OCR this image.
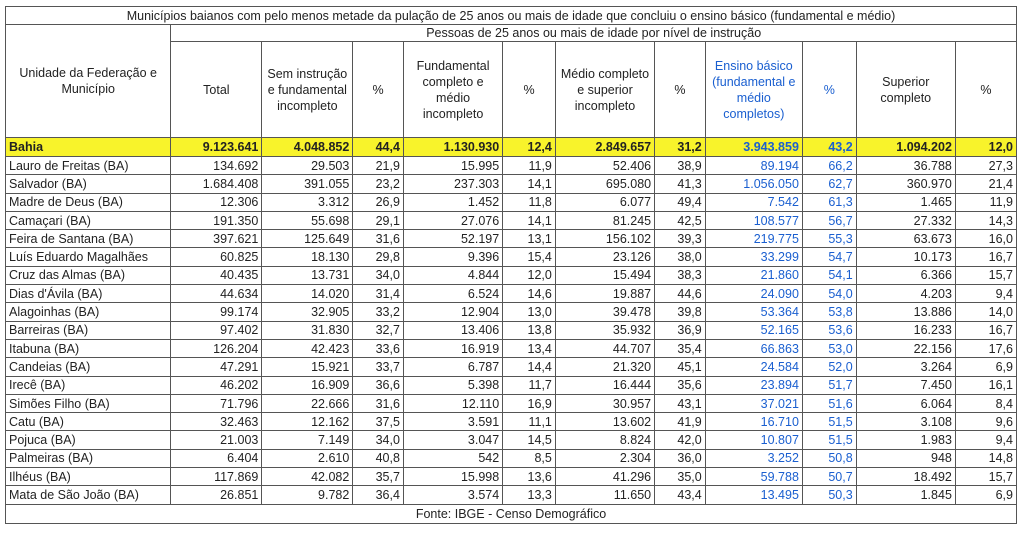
Municípios baianos com pelo menos metade da pulação de 25 anos ou mais de idade que concluiu o ensino básico (fundamental e médio)											
Unidade da Federação e Município	Pessoas de 25 anos ou mais de idade por nível de instrução										
	Total	Sem instrução e fundamental incompleto	%	Fundamental completo e médio incompleto	%	Médio completo e superior incompleto	%	Ensino básico (fundamental e médio completos)	%	Superior completo	%
Bahia	9.123.641	4.048.852	44,4	1.130.930	12,4	2.849.657	31,2	3.943.859	43,2	1.094.202	12,0
Lauro de Freitas (BA)	134.692	29.503	21,9	15.995	11,9	52.406	38,9	89.194	66,2	36.788	27,3
Salvador (BA)	1.684.408	391.055	23,2	237.303	14,1	695.080	41,3	1.056.050	62,7	360.970	21,4
Madre de Deus (BA)	12.306	3.312	26,9	1.452	11,8	6.077	49,4	7.542	61,3	1.465	11,9
Camaçari (BA)	191.350	55.698	29,1	27.076	14,1	81.245	42,5	108.577	56,7	27.332	14,3
Feira de Santana (BA)	397.621	125.649	31,6	52.197	13,1	156.102	39,3	219.775	55,3	63.673	16,0
Luís Eduardo Magalhães	60.825	18.130	29,8	9.396	15,4	23.126	38,0	33.299	54,7	10.173	16,7
Cruz das Almas (BA)	40.435	13.731	34,0	4.844	12,0	15.494	38,3	21.860	54,1	6.366	15,7
Dias d'Ávila (BA)	44.634	14.020	31,4	6.524	14,6	19.887	44,6	24.090	54,0	4.203	9,4
Alagoinhas (BA)	99.174	32.905	33,2	12.904	13,0	39.478	39,8	53.364	53,8	13.886	14,0
Barreiras (BA)	97.402	31.830	32,7	13.406	13,8	35.932	36,9	52.165	53,6	16.233	16,7
Itabuna (BA)	126.204	42.423	33,6	16.919	13,4	44.707	35,4	66.863	53,0	22.156	17,6
Candeias (BA)	47.291	15.921	33,7	6.787	14,4	21.320	45,1	24.584	52,0	3.264	6,9
Irecê (BA)	46.202	16.909	36,6	5.398	11,7	16.444	35,6	23.894	51,7	7.450	16,1
Simões Filho (BA)	71.796	22.666	31,6	12.110	16,9	30.957	43,1	37.021	51,6	6.064	8,4
Catu (BA)	32.463	12.162	37,5	3.591	11,1	13.602	41,9	16.710	51,5	3.108	9,6
Pojuca (BA)	21.003	7.149	34,0	3.047	14,5	8.824	42,0	10.807	51,5	1.983	9,4
Palmeiras (BA)	6.404	2.610	40,8	542	8,5	2.304	36,0	3.252	50,8	948	14,8
Ilhéus (BA)	117.869	42.082	35,7	15.998	13,6	41.296	35,0	59.788	50,7	18.492	15,7
Mata de São João (BA)	26.851	9.782	36,4	3.574	13,3	11.650	43,4	13.495	50,3	1.845	6,9
Fonte: IBGE - Censo Demográfico											
